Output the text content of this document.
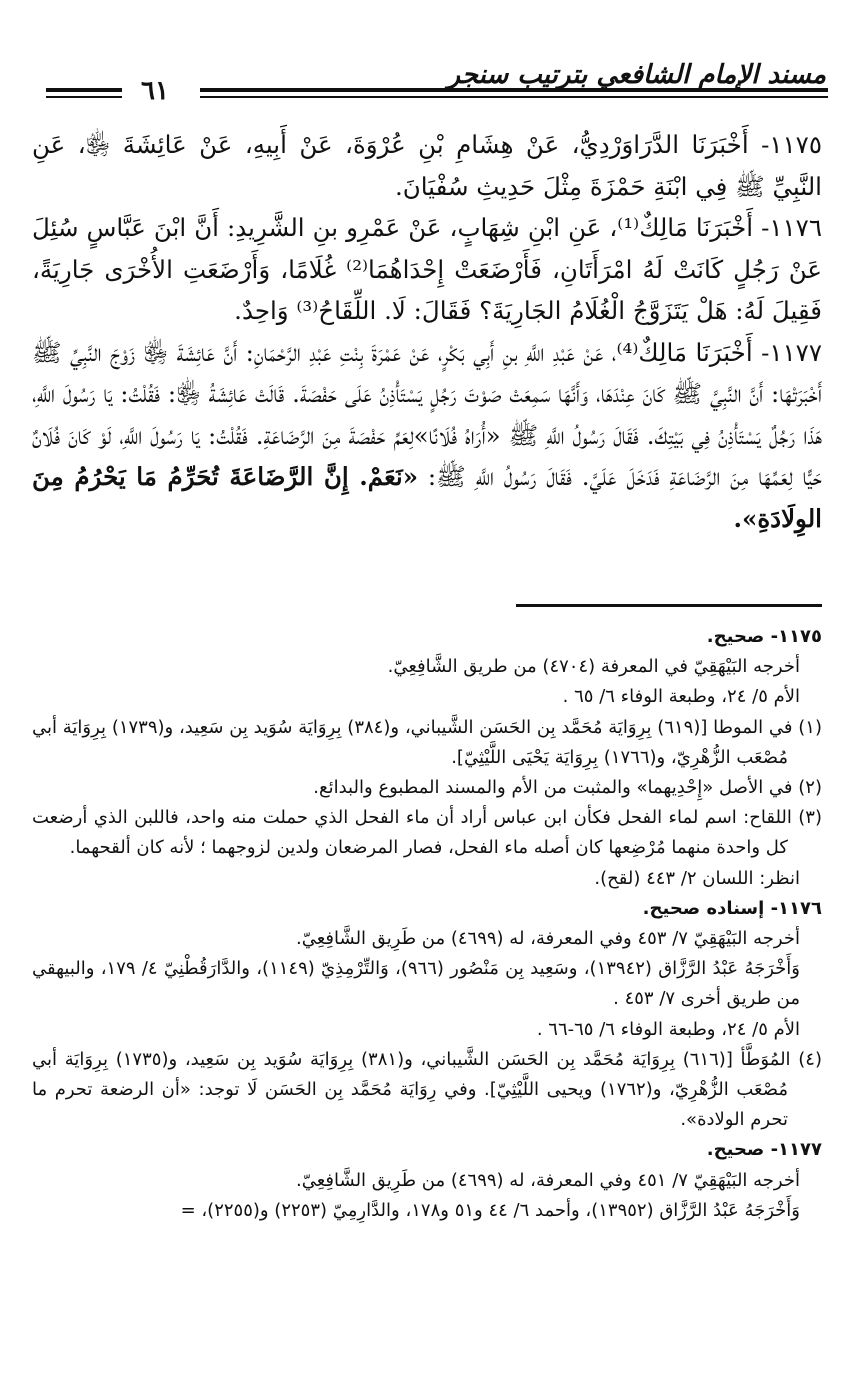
مسند الإمام الشافعي بترتيب سنجر
٦١

١١٧٥- أَخْبَرَنَا الدَّرَاوَرْدِيُّ، عَنْ هِشَامِ بْنِ عُرْوَةَ، عَنْ أَبِيهِ، عَنْ عَائِشَةَ ﵂، عَنِ النَّبِيِّ ﷺ فِي ابْنَةِ حَمْزَةَ مِثْلَ حَدِيثِ سُفْيَانَ.

١١٧٦- أَخْبَرَنَا مَالِكٌ⁽¹⁾، عَنِ ابْنِ شِهَابٍ، عَنْ عَمْرِو بنِ الشَّرِيدِ: أَنَّ ابْنَ عَبَّاسٍ سُئِلَ عَنْ رَجُلٍ كَانَتْ لَهُ امْرَأَتَانِ، فَأَرْضَعَتْ إِحْدَاهُمَا⁽²⁾ غُلَامًا، وَأَرْضَعَتِ الأُخْرَى جَارِيَةً، فَقِيلَ لَهُ: هَلْ يَتَزَوَّجُ الْغُلَامُ الجَارِيَةَ؟ فَقَالَ: لَا. اللِّقَاحُ⁽³⁾ وَاحِدٌ.

١١٧٧- أَخْبَرَنَا مَالِكٌ⁽⁴⁾، عَنْ عَبْدِ اللَّهِ بنِ أَبِي بَكْرٍ، عَنْ عَمْرَةَ بِنْتِ عَبْدِ الرَّحْمَانِ: أَنَّ عَائِشَةَ ﵂ زَوْجَ النَّبِيِّ ﷺ أَخْبَرَتْهَا: أَنَّ النَّبِيَّ ﷺ كَانَ عِنْدَهَا، وَأَنَّهَا سَمِعَتْ صَوْتَ رَجُلٍ يَسْتَأْذِنُ عَلَى حَفْصَةَ. قَالَتْ عَائِشَةُ ﵂: فَقُلْتُ: يَا رَسُولَ اللَّهِ، هَذَا رَجُلٌ يَسْتَأْذِنُ فِي بَيْتِكَ. فَقَالَ رَسُولُ اللَّهِ ﷺ «أُرَاهُ فُلَانًا»لِعَمِّ حَفْصَةَ مِنَ الرَّضَاعَةِ. فَقُلْتُ: يَا رَسُولَ اللَّهِ، لَوْ كَانَ فُلَانٌ حَيًّا لِعَمِّهَا مِنَ الرَّضَاعَةِ فَدَخَلَ عَلَيَّ. فَقَالَ رَسُولُ اللَّهِ ﷺ: «نَعَمْ. إِنَّ الرَّضَاعَةَ تُحَرِّمُ مَا يَحْرُمُ مِنَ الوِلَادَةِ».

١١٧٥- صحيح.

أخرجه البَيْهَقِيّ في المعرفة (٤٧٠٤) من طريق الشَّافِعِيّ.

الأم ٥/ ٢٤، وطبعة الوفاء ٦/ ٦٥ .

(١) في الموطا [(٦١٩) بِرِوَايَة مُحَمَّد بِن الحَسَن الشَّيباني، و(٣٨٤) بِرِوَايَة سُوَيد بِن سَعِيد، و(١٧٣٩) بِرِوَايَة أبي مُصْعَب الزُّهْرِيّ، و(١٧٦٦) بِرِوَايَة يَحْيَى اللَّيْثِيّ].

(٢) في الأصل «إِحْدِيهما» والمثبت من الأم والمسند المطبوع والبدائع.

(٣) اللقاح: اسم لماء الفحل فكأن ابن عباس أراد أن ماء الفحل الذي حملت منه واحد، فاللبن الذي أرضعت كل واحدة منهما مُرْضِعها كان أصله ماء الفحل، فصار المرضعان ولدين لزوجهما ؛ لأنه كان ألقحهما.

انظر: اللسان ٢/ ٤٤٣ (لقح).

١١٧٦- إسناده صحيح.

أخرجه البَيْهَقِيّ ٧/ ٤٥٣ وفي المعرفة، له (٤٦٩٩) من طَرِيق الشَّافِعِيّ.

وَأَخْرَجَهُ عَبْدُ الرَّزَّاق (١٣٩٤٢)، وسَعِيد بِن مَنْصُور (٩٦٦)، وَالتِّرْمِذِيّ (١١٤٩)، والدَّارَقُطْنِيّ ٤/ ١٧٩، والبيهقي من طريق أخرى ٧/ ٤٥٣ .

الأم ٥/ ٢٤، وطبعة الوفاء ٦/ ٦٥-٦٦ .

(٤) المُوَطَّأ [(٦١٦) بِرِوَايَة مُحَمَّد بِن الحَسَن الشَّيباني، و(٣٨١) بِرِوَايَة سُوَيد بِن سَعِيد، و(١٧٣٥) بِرِوَايَة أبي مُصْعَب الزُّهْرِيّ، و(١٧٦٢) ويحيى اللَّيْثِيّ]. وفي رِوَايَة مُحَمَّد بِن الحَسَن لَا توجد: «أن الرضعة تحرم ما تحرم الولادة».

١١٧٧- صحيح.

أخرجه البَيْهَقِيّ ٧/ ٤٥١ وفي المعرفة، له (٤٦٩٩) من طَرِيق الشَّافِعِيّ.

وَأَخْرَجَهُ عَبْدُ الرَّزَّاق (١٣٩٥٢)، وأحمد ٦/ ٤٤ و٥١ و١٧٨، والدَّارِمِيّ (٢٢٥٣) و(٢٢٥٥)، =
